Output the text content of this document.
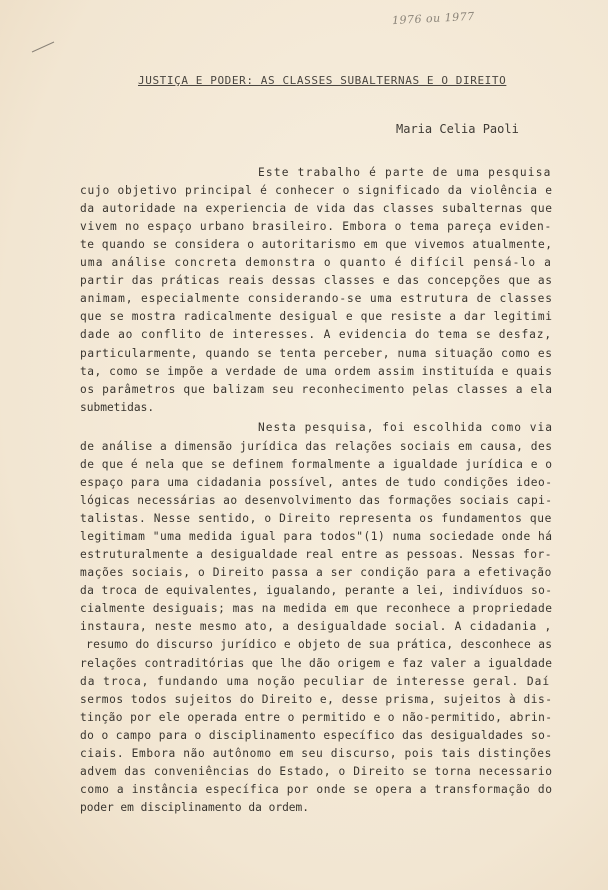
1976 ou 1977
JUSTIÇA E PODER: AS CLASSES SUBALTERNAS E O DIREITO
Maria Celia Paoli
Este trabalho é parte de uma pesquisa
cujo objetivo principal é conhecer o significado da violência e
da autoridade na experiencia de vida das classes subalternas que
vivem no espaço urbano brasileiro. Embora o tema pareça eviden-
te quando se considera o autoritarismo em que vivemos atualmente,
uma análise concreta demonstra o quanto é difícil pensá-lo a
partir das práticas reais dessas classes e das concepções que as
animam, especialmente considerando-se uma estrutura de classes
que se mostra radicalmente desigual e que resiste a dar legitimi
dade ao conflito de interesses. A evidencia do tema se desfaz,
particularmente, quando se tenta perceber, numa situação como es
ta, como se impõe a verdade de uma ordem assim instituída e quais
os parâmetros que balizam seu reconhecimento pelas classes a ela
submetidas.
Nesta pesquisa, foi escolhida como via
de análise a dimensão jurídica das relações sociais em causa, des
de que é nela que se definem formalmente a igualdade jurídica e o
espaço para uma cidadania possível, antes de tudo condições ideo-
lógicas necessárias ao desenvolvimento das formações sociais capi-
talistas. Nesse sentido, o Direito representa os fundamentos que
legitimam "uma medida igual para todos"(1) numa sociedade onde há
estruturalmente a desigualdade real entre as pessoas. Nessas for-
mações sociais, o Direito passa a ser condição para a efetivação
da troca de equivalentes, igualando, perante a lei, indivíduos so-
cialmente desiguais; mas na medida em que reconhece a propriedade
instaura, neste mesmo ato, a desigualdade social. A cidadania ,
resumo do discurso jurídico e objeto de sua prática, desconhece as
relações contraditórias que lhe dão origem e faz valer a igualdade
da troca, fundando uma noção peculiar de interesse geral. Daí
sermos todos sujeitos do Direito e, desse prisma, sujeitos à dis-
tinção por ele operada entre o permitido e o não-permitido, abrin-
do o campo para o disciplinamento específico das desigualdades so-
ciais. Embora não autônomo em seu discurso, pois tais distinções
advem das conveniências do Estado, o Direito se torna necessario
como a instância específica por onde se opera a transformação do
poder em disciplinamento da ordem.
